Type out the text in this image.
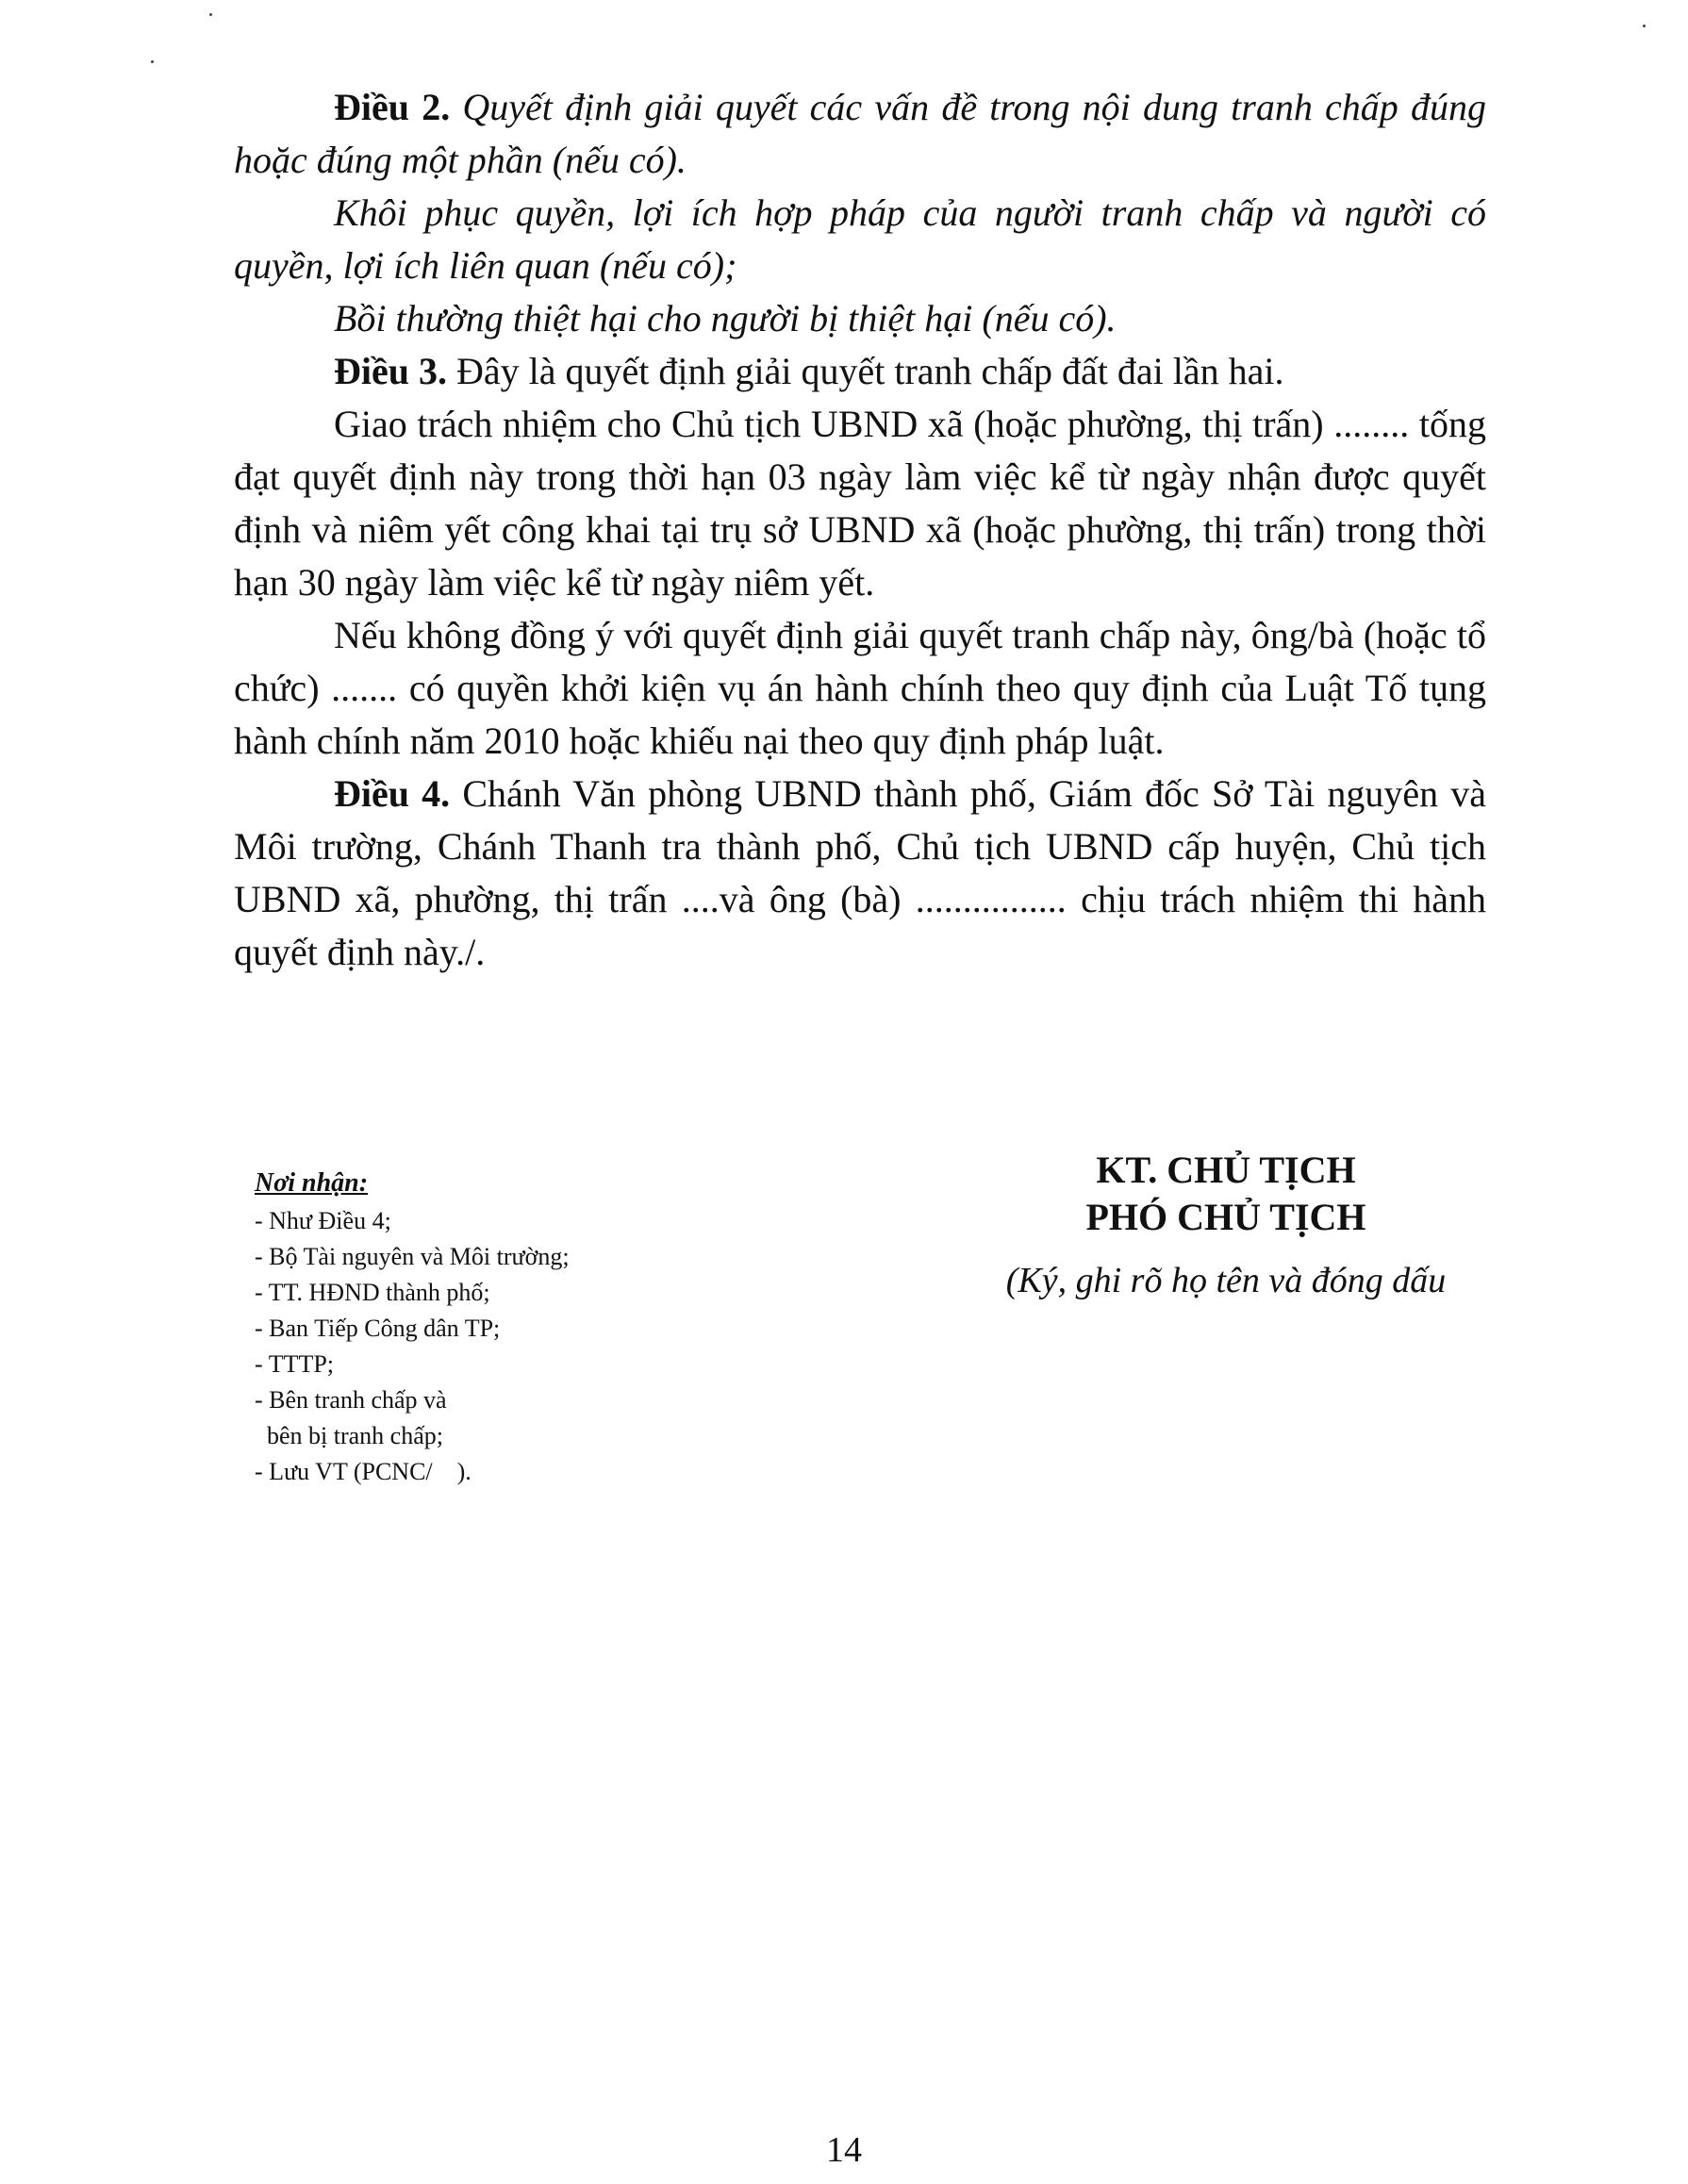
Điều 2. Quyết định giải quyết các vấn đề trong nội dung tranh chấp đúng hoặc đúng một phần (nếu có).

Khôi phục quyền, lợi ích hợp pháp của người tranh chấp và người có quyền, lợi ích liên quan (nếu có);

Bồi thường thiệt hại cho người bị thiệt hại (nếu có).

Điều 3. Đây là quyết định giải quyết tranh chấp đất đai lần hai.

Giao trách nhiệm cho Chủ tịch UBND xã (hoặc phường, thị trấn) ........ tống đạt quyết định này trong thời hạn 03 ngày làm việc kể từ ngày nhận được quyết định và niêm yết công khai tại trụ sở UBND xã (hoặc phường, thị trấn) trong thời hạn 30 ngày làm việc kể từ ngày niêm yết.

Nếu không đồng ý với quyết định giải quyết tranh chấp này, ông/bà (hoặc tổ chức) ....... có quyền khởi kiện vụ án hành chính theo quy định của Luật Tố tụng hành chính năm 2010 hoặc khiếu nại theo quy định pháp luật.

Điều 4. Chánh Văn phòng UBND thành phố, Giám đốc Sở Tài nguyên và Môi trường, Chánh Thanh tra thành phố, Chủ tịch UBND cấp huyện, Chủ tịch UBND xã, phường, thị trấn ....và ông (bà) ................ chịu trách nhiệm thi hành quyết định này./.

Nơi nhận:
- Như Điều 4;
- Bộ Tài nguyên và Môi trường;
- TT. HĐND thành phố;
- Ban Tiếp Công dân TP;
- TTTP;
- Bên tranh chấp và
bên bị tranh chấp;
- Lưu VT (PCNC/    ).
KT. CHỦ TỊCH
PHÓ CHỦ TỊCH
(Ký, ghi rõ họ tên và đóng dấu
14
